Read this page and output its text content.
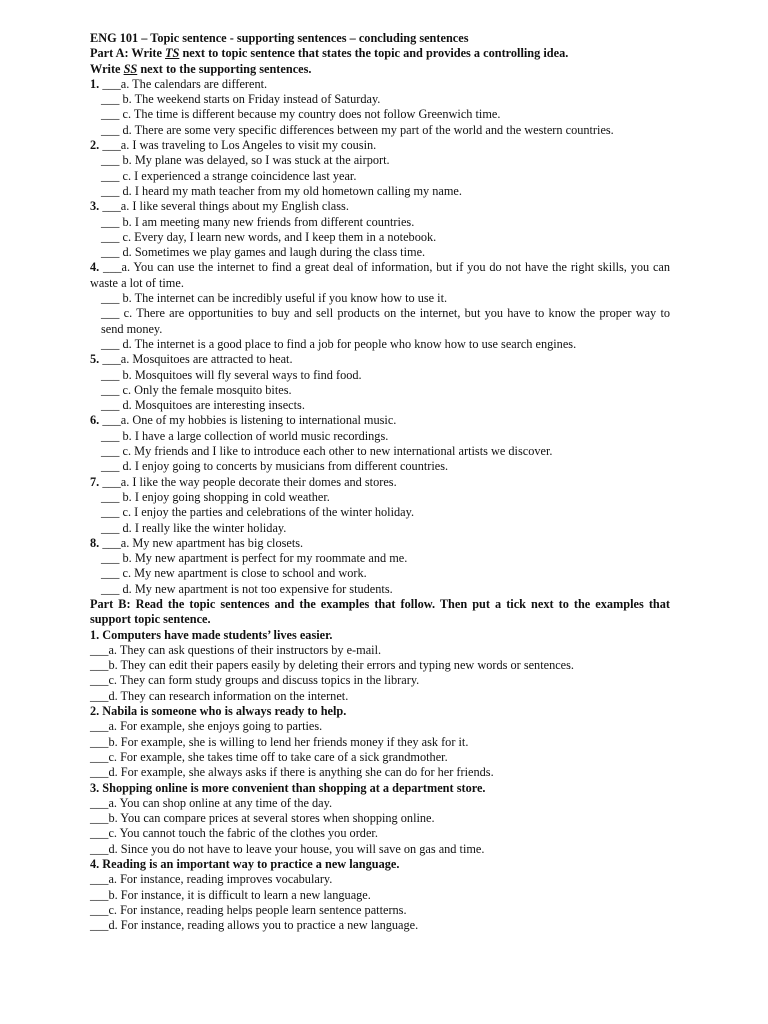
ENG 101 – Topic sentence - supporting sentences – concluding sentences
Part A: Write TS next to topic sentence that states the topic and provides a controlling idea.
Write SS next to the supporting sentences.
1. ___a. The calendars are different.
___ b. The weekend starts on Friday instead of Saturday.
___ c. The time is different because my country does not follow Greenwich time.
___ d. There are some very specific differences between my part of the world and the western countries.
2. ___a. I was traveling to Los Angeles to visit my cousin.
___ b. My plane was delayed, so I was stuck at the airport.
___ c. I experienced a strange coincidence last year.
___ d. I heard my math teacher from my old hometown calling my name.
3. ___a. I like several things about my English class.
___ b. I am meeting many new friends from different countries.
___ c. Every day, I learn new words, and I keep them in a notebook.
___ d. Sometimes we play games and laugh during the class time.
4. ___a. You can use the internet to find a great deal of information, but if you do not have the right skills, you can waste a lot of time.
___ b. The internet can be incredibly useful if you know how to use it.
___ c. There are opportunities to buy and sell products on the internet, but you have to know the proper way to send money.
___ d. The internet is a good place to find a job for people who know how to use search engines.
5. ___a. Mosquitoes are attracted to heat.
___ b. Mosquitoes will fly several ways to find food.
___ c. Only the female mosquito bites.
___ d. Mosquitoes are interesting insects.
6. ___a. One of my hobbies is listening to international music.
___ b. I have a large collection of world music recordings.
___ c. My friends and I like to introduce each other to new international artists we discover.
___ d. I enjoy going to concerts by musicians from different countries.
7. ___a. I like the way people decorate their domes and stores.
___ b. I enjoy going shopping in cold weather.
___ c. I enjoy the parties and celebrations of the winter holiday.
___ d. I really like the winter holiday.
8. ___a. My new apartment has big closets.
___ b. My new apartment is perfect for my roommate and me.
___ c. My new apartment is close to school and work.
___ d. My new apartment is not too expensive for students.
Part B: Read the topic sentences and the examples that follow. Then put a tick next to the examples that support topic sentence.
1. Computers have made students’ lives easier.
___a. They can ask questions of their instructors by e-mail.
___b. They can edit their papers easily by deleting their errors and typing new words or sentences.
___c. They can form study groups and discuss topics in the library.
___d. They can research information on the internet.
2. Nabila is someone who is always ready to help.
___a. For example, she enjoys going to parties.
___b. For example, she is willing to lend her friends money if they ask for it.
___c. For example, she takes time off to take care of a sick grandmother.
___d. For example, she always asks if there is anything she can do for her friends.
3. Shopping online is more convenient than shopping at a department store.
___a. You can shop online at any time of the day.
___b. You can compare prices at several stores when shopping online.
___c. You cannot touch the fabric of the clothes you order.
___d. Since you do not have to leave your house, you will save on gas and time.
4. Reading is an important way to practice a new language.
___a. For instance, reading improves vocabulary.
___b. For instance, it is difficult to learn a new language.
___c. For instance, reading helps people learn sentence patterns.
___d. For instance, reading allows you to practice a new language.
